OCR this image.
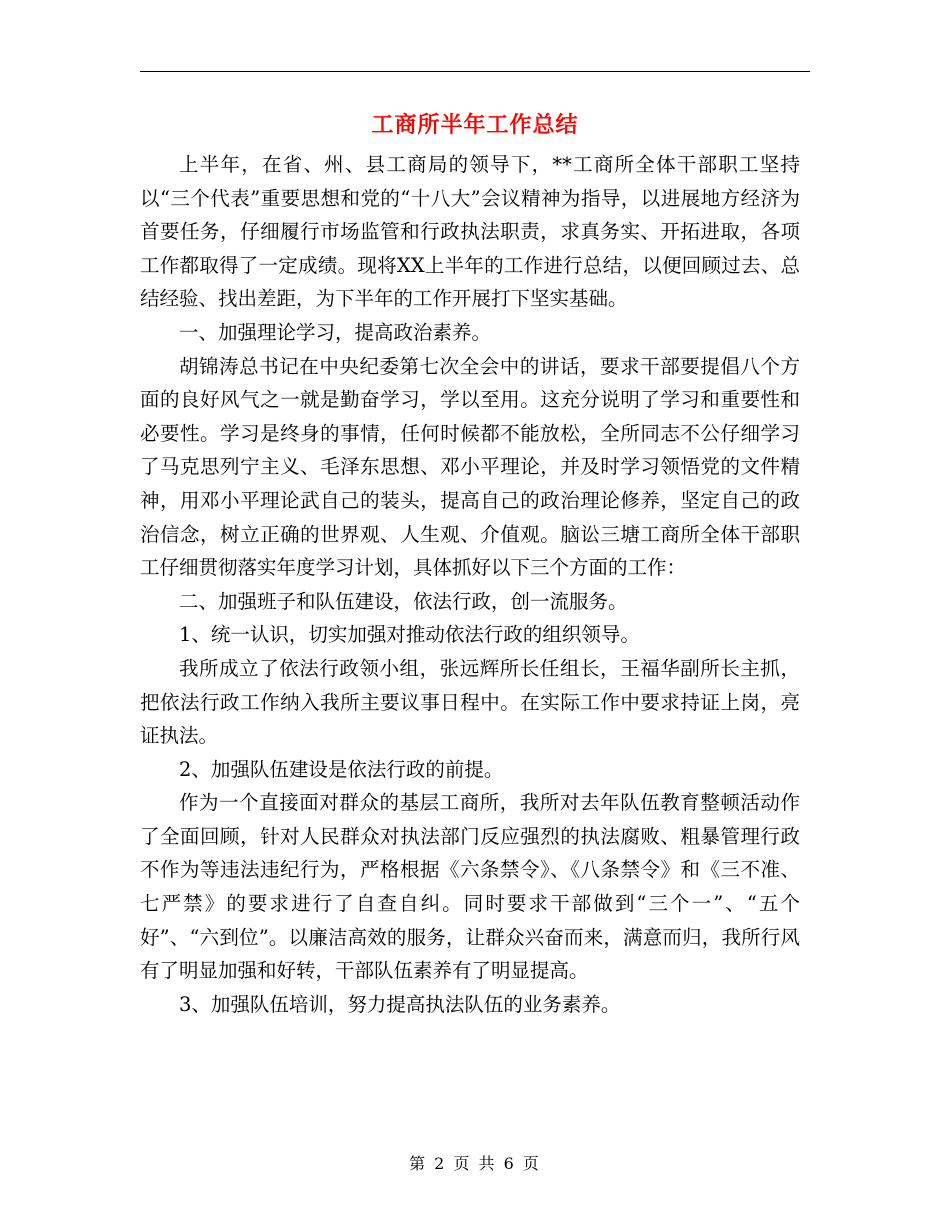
工商所半年工作总结

上半年，在省、州、县工商局的领导下，**工商所全体干部职工坚持以“三个代表”重要思想和党的“十八大”会议精神为指导，以进展地方经济为首要任务，仔细履行市场监管和行政执法职责，求真务实、开拓进取，各项工作都取得了一定成绩。现将XX上半年的工作进行总结，以便回顾过去、总结经验、找出差距，为下半年的工作开展打下坚实基础。

一、加强理论学习，提高政治素养。

胡锦涛总书记在中央纪委第七次全会中的讲话，要求干部要提倡八个方面的良好风气之一就是勤奋学习，学以至用。这充分说明了学习和重要性和必要性。学习是终身的事情，任何时候都不能放松，全所同志不公仔细学习了马克思列宁主义、毛泽东思想、邓小平理论，并及时学习领悟党的文件精神，用邓小平理论武自己的装头，提高自己的政治理论修养，坚定自己的政治信念，树立正确的世界观、人生观、介值观。脑讼三塘工商所全体干部职工仔细贯彻落实年度学习计划，具体抓好以下三个方面的工作：

二、加强班子和队伍建设，依法行政，创一流服务。

1、统一认识，切实加强对推动依法行政的组织领导。

我所成立了依法行政领小组，张远辉所长任组长，王福华副所长主抓，把依法行政工作纳入我所主要议事日程中。在实际工作中要求持证上岗，亮证执法。

2、加强队伍建设是依法行政的前提。

作为一个直接面对群众的基层工商所，我所对去年队伍教育整顿活动作了全面回顾，针对人民群众对执法部门反应强烈的执法腐败、粗暴管理行政不作为等违法违纪行为，严格根据《六条禁令》、《八条禁令》和《三不准、七严禁》的要求进行了自查自纠。同时要求干部做到“三个一”、“五个好”、“六到位”。以廉洁高效的服务，让群众兴奋而来，满意而归，我所行风有了明显加强和好转，干部队伍素养有了明显提高。

3、加强队伍培训，努力提高执法队伍的业务素养。

第 2 页 共 6 页
